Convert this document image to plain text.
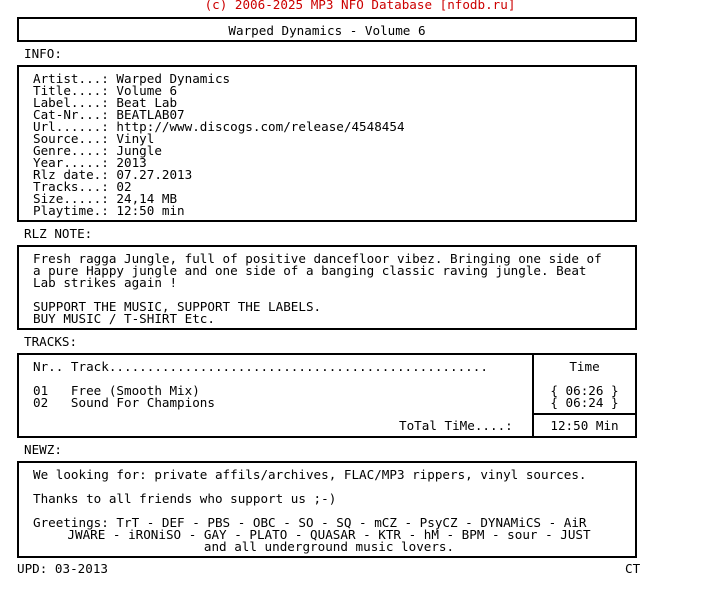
(c) 2006-2025 MP3 NFO Database [nfodb.ru]
Warped Dynamics - Volume 6
INFO:
Artist...: Warped Dynamics
Title....: Volume 6
Label....: Beat Lab
Cat-Nr...: BEATLAB07
Url......: http://www.discogs.com/release/4548454
Source...: Vinyl
Genre....: Jungle
Year.....: 2013
Rlz date.: 07.27.2013
Tracks...: 02
Size.....: 24,14 MB
Playtime.: 12:50 min
RLZ NOTE:
Fresh ragga Jungle, full of positive dancefloor vibez. Bringing one side of
a pure Happy jungle and one side of a banging classic raving jungle. Beat
Lab strikes again !
SUPPORT THE MUSIC, SUPPORT THE LABELS.
BUY MUSIC / T-SHIRT Etc.
TRACKS:
Nr.. Track..................................................
01   Free (Smooth Mix)
02   Sound For Champions
Time
{ 06:26 }
{ 06:24 }
ToTal TiMe....:	12:50 Min
NEWZ:
We looking for: private affils/archives, FLAC/MP3 rippers, vinyl sources.
Thanks to all friends who support us ;-)
Greetings: TrT - DEF - PBS - OBC - SO - SQ - mCZ - PsyCZ - DYNAMiCS - AiR
JWARE - iRONiSO - GAY - PLATO - QUASAR - KTR - hM - BPM - sour - JUST
and all underground music lovers.
UPD: 03-2013	CT
